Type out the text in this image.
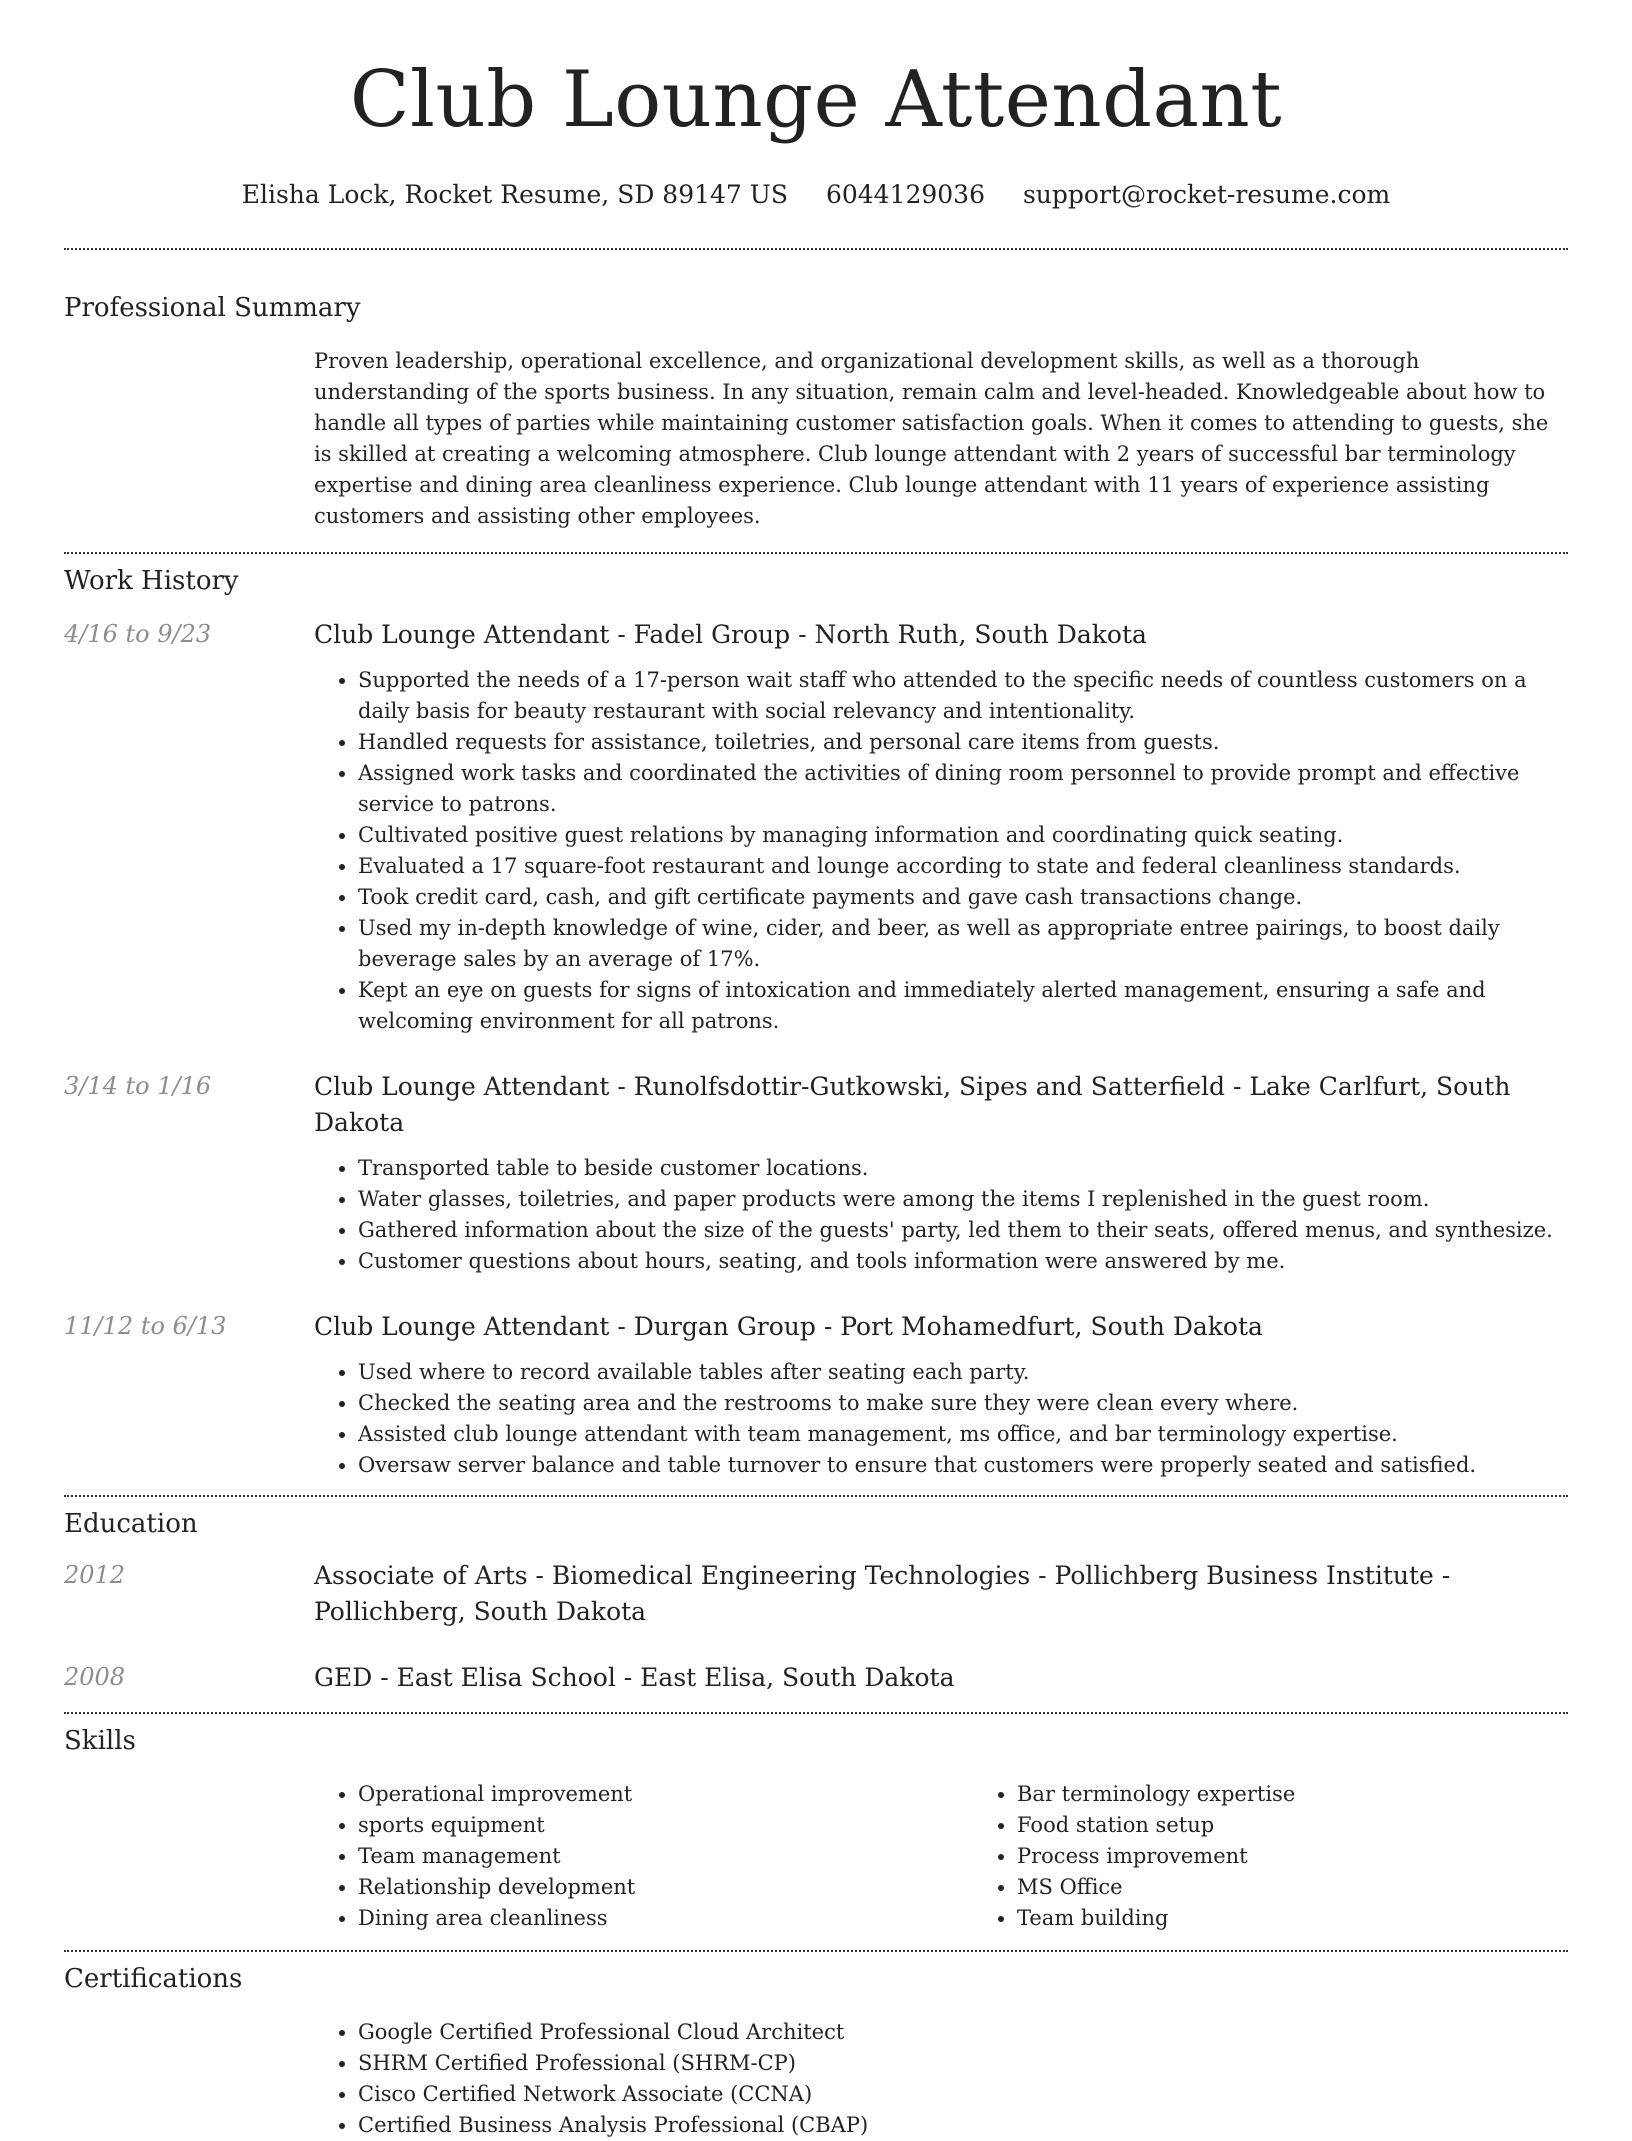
Club Lounge Attendant
Elisha Lock, Rocket Resume, SD 89147 US 6044129036 support@rocket-resume.com
Professional Summary
Proven leadership, operational excellence, and organizational development skills, as well as a thorough understanding of the sports business. In any situation, remain calm and level-headed. Knowledgeable about how to handle all types of parties while maintaining customer satisfaction goals. When it comes to attending to guests, she is skilled at creating a welcoming atmosphere. Club lounge attendant with 2 years of successful bar terminology expertise and dining area cleanliness experience. Club lounge attendant with 11 years of experience assisting customers and assisting other employees.
Work History
4/16 to 9/23	Club Lounge Attendant - Fadel Group - North Ruth, South Dakota
• Supported the needs of a 17-person wait staff who attended to the specific needs of countless customers on a daily basis for beauty restaurant with social relevancy and intentionality.
• Handled requests for assistance, toiletries, and personal care items from guests.
• Assigned work tasks and coordinated the activities of dining room personnel to provide prompt and effective service to patrons.
• Cultivated positive guest relations by managing information and coordinating quick seating.
• Evaluated a 17 square-foot restaurant and lounge according to state and federal cleanliness standards.
• Took credit card, cash, and gift certificate payments and gave cash transactions change.
• Used my in-depth knowledge of wine, cider, and beer, as well as appropriate entree pairings, to boost daily beverage sales by an average of 17%.
• Kept an eye on guests for signs of intoxication and immediately alerted management, ensuring a safe and welcoming environment for all patrons.
3/14 to 1/16	Club Lounge Attendant - Runolfsdottir-Gutkowski, Sipes and Satterfield - Lake Carlfurt, South Dakota
• Transported table to beside customer locations.
• Water glasses, toiletries, and paper products were among the items I replenished in the guest room.
• Gathered information about the size of the guests' party, led them to their seats, offered menus, and synthesize.
• Customer questions about hours, seating, and tools information were answered by me.
11/12 to 6/13	Club Lounge Attendant - Durgan Group - Port Mohamedfurt, South Dakota
• Used where to record available tables after seating each party.
• Checked the seating area and the restrooms to make sure they were clean every where.
• Assisted club lounge attendant with team management, ms office, and bar terminology expertise.
• Oversaw server balance and table turnover to ensure that customers were properly seated and satisfied.
Education
2012	Associate of Arts - Biomedical Engineering Technologies - Pollichberg Business Institute - Pollichberg, South Dakota
2008	GED - East Elisa School - East Elisa, South Dakota
Skills
• Operational improvement
• sports equipment
• Team management
• Relationship development
• Dining area cleanliness
• Bar terminology expertise
• Food station setup
• Process improvement
• MS Office
• Team building
Certifications
• Google Certified Professional Cloud Architect
• SHRM Certified Professional (SHRM-CP)
• Cisco Certified Network Associate (CCNA)
• Certified Business Analysis Professional (CBAP)
